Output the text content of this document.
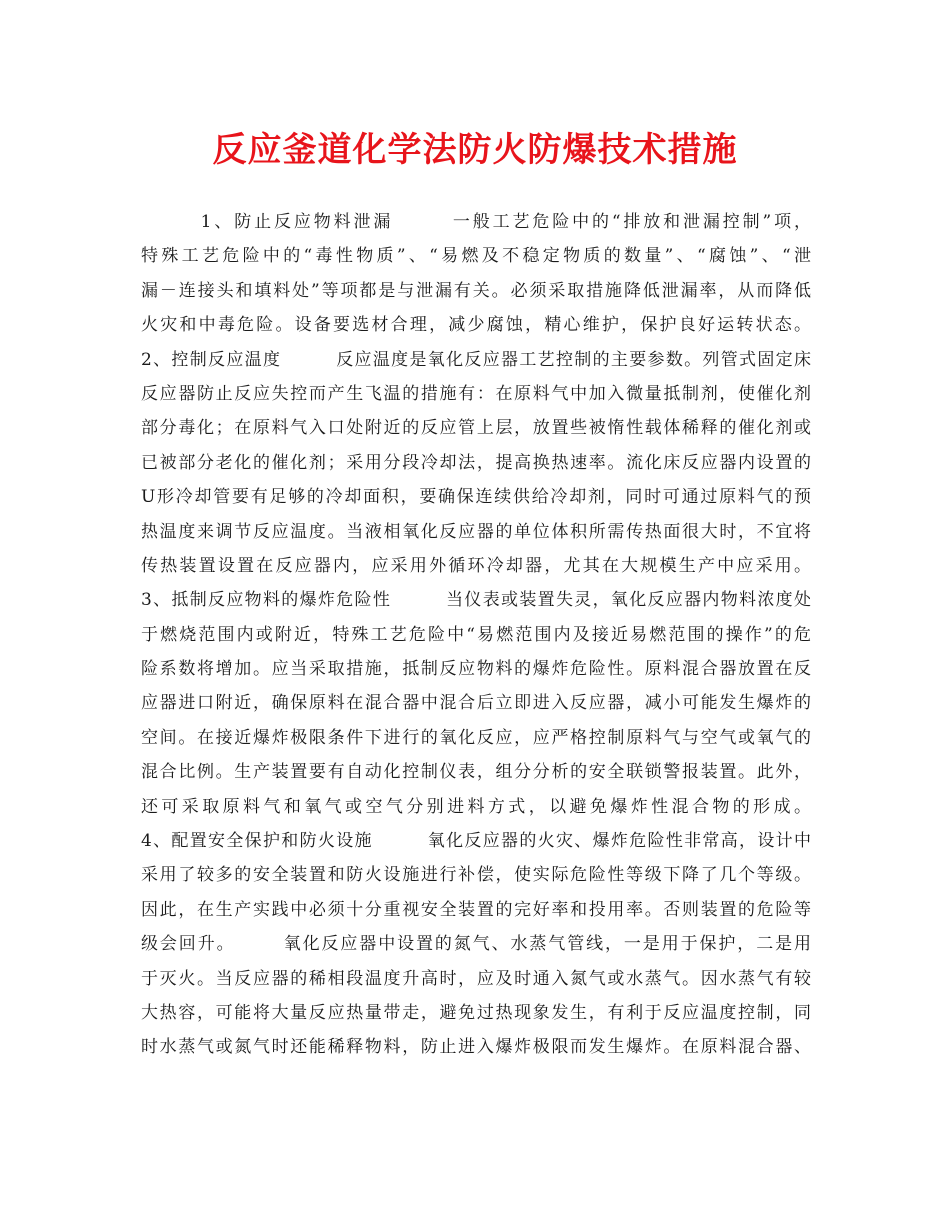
反应釜道化学法防火防爆技术措施
　　　1、防止反应物料泄漏　　　一般工艺危险中的“排放和泄漏控制”项，
特殊工艺危险中的“毒性物质”、“易燃及不稳定物质的数量”、“腐蚀”、“泄
漏－连接头和填料处”等项都是与泄漏有关。必须采取措施降低泄漏率，从而降低
火灾和中毒危险。设备要选材合理，减少腐蚀，精心维护，保护良好运转状态。
2、控制反应温度　　　反应温度是氧化反应器工艺控制的主要参数。列管式固定床
反应器防止反应失控而产生飞温的措施有：在原料气中加入微量抵制剂，使催化剂
部分毒化；在原料气入口处附近的反应管上层，放置些被惰性载体稀释的催化剂或
已被部分老化的催化剂；采用分段冷却法，提高换热速率。流化床反应器内设置的
U形冷却管要有足够的冷却面积，要确保连续供给冷却剂，同时可通过原料气的预
热温度来调节反应温度。当液相氧化反应器的单位体积所需传热面很大时，不宜将
传热装置设置在反应器内，应采用外循环冷却器，尤其在大规模生产中应采用。
3、抵制反应物料的爆炸危险性　　　当仪表或装置失灵，氧化反应器内物料浓度处
于燃烧范围内或附近，特殊工艺危险中“易燃范围内及接近易燃范围的操作”的危
险系数将增加。应当采取措施，抵制反应物料的爆炸危险性。原料混合器放置在反
应器进口附近，确保原料在混合器中混合后立即进入反应器，减小可能发生爆炸的
空间。在接近爆炸极限条件下进行的氧化反应，应严格控制原料气与空气或氧气的
混合比例。生产装置要有自动化控制仪表，组分分析的安全联锁警报装置。此外，
还可采取原料气和氧气或空气分别进料方式，以避免爆炸性混合物的形成。
4、配置安全保护和防火设施　　　氧化反应器的火灾、爆炸危险性非常高，设计中
采用了较多的安全装置和防火设施进行补偿，使实际危险性等级下降了几个等级。
因此，在生产实践中必须十分重视安全装置的完好率和投用率。否则装置的危险等
级会回升。　　　氧化反应器中设置的氮气、水蒸气管线，一是用于保护，二是用
于灭火。当反应器的稀相段温度升高时，应及时通入氮气或水蒸气。因水蒸气有较
大热容，可能将大量反应热量带走，避免过热现象发生，有利于反应温度控制，同
时水蒸气或氮气时还能稀释物料，防止进入爆炸极限而发生爆炸。在原料混合器、
